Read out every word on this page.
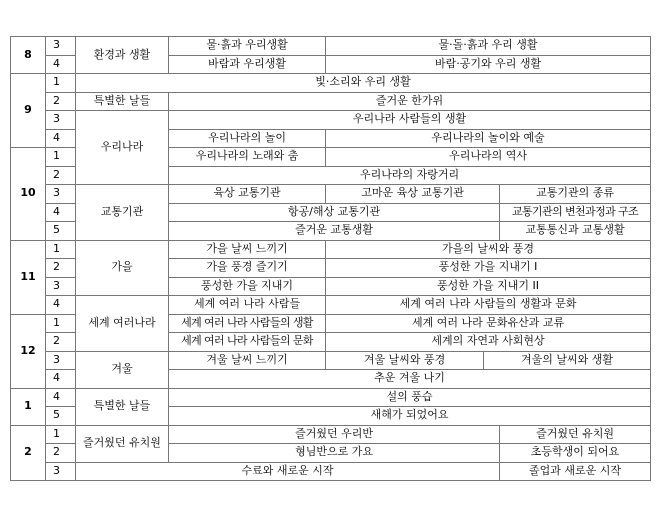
8	3	환경과 생활	물·흙과 우리생활	물·돌·흙과 우리 생활		
	4		바람과 우리생활	바람·공기와 우리 생활		
9	1	빛·소리와 우리 생활				
	2	특별한 날들	즐거운 한가위			
	3	우리나라	우리나라 사람들의 생활			
	4		우리나라의 놀이	우리나라의 놀이와 예술		
10	1		우리나라의 노래와 춤	우리나라의 역사		
	2		우리나라의 자랑거리			
	3	교통기관	육상 교통기관	고마운 육상 교통기관		교통기관의 종류
	4		항공/해상 교통기관			교통기관의 변천과정과 구조
	5		즐거운 교통생활			교통통신과 교통생활
11	1	가을	가을 날씨 느끼기	가을의 날씨와 풍경		
	2		가을 풍경 즐기기	풍성한 가을 지내기 I		
	3		풍성한 가을 지내기	풍성한 가을 지내기 II		
	4	세계 여러나라	세계 여러 나라 사람들	세계 여러 나라 사람들의 생활과 문화		
12	1		세계 여러 나라 사람들의 생활	세계 여러 나라 문화유산과 교류		
	2		세계 여러 나라 사람들의 문화	세계의 자연과 사회현상		
	3	겨울	겨울 날씨 느끼기	겨울 날씨와 풍경	겨울의 날씨와 생활	
	4		추운 겨울 나기			
1	4	특별한 날들	설의 풍습			
	5		새해가 되었어요			
2	1	즐거웠던 유치원	즐거웠던 우리반			즐거웠던 유치원
	2		형님반으로 가요			초등학생이 되어요
	3	수료와 새로운 시작				졸업과 새로운 시작
